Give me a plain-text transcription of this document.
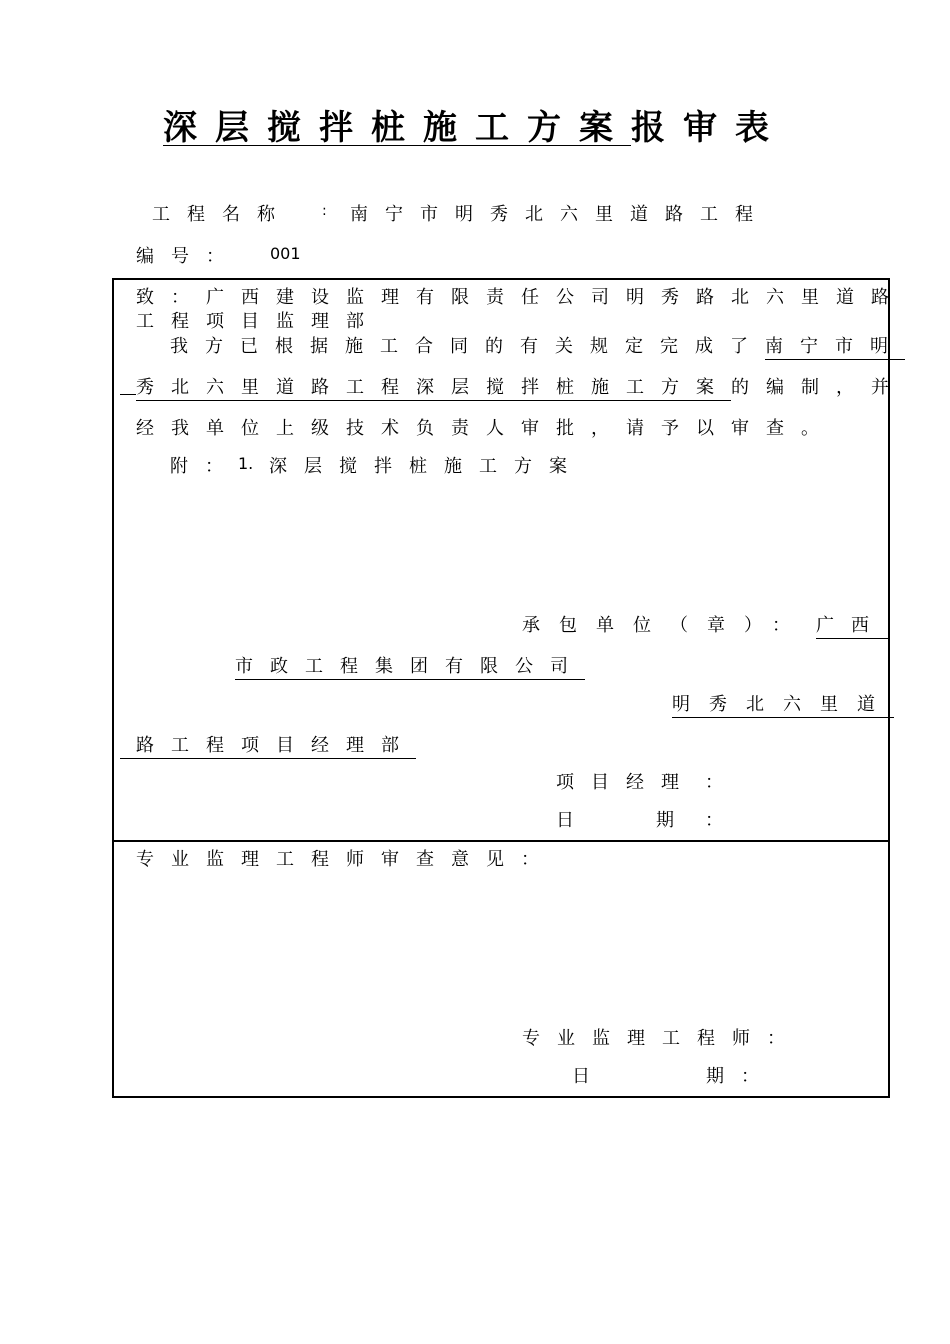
深层搅拌桩施工方案报审表
工程名称 : 南宁市明秀北六里道路工程
编号： 001
致：广西建设监理有限责任公司明秀路北六里道路
工程项目监理部
我方已根据施工合同的有关规定完成了南宁市明
秀北六里道路工程深层搅拌桩施工方案的编制，并
经我单位上级技术负责人审批，请予以审查。
附：
1. 深层搅拌桩施工方案
承包单位（章）： 广西
市政工程集团有限公司
明秀北六里道
路工程项目经理部
项目经理 ：
日	期 ：
专业监理工程师审查意见：
专业监理工程师：
日	期：
